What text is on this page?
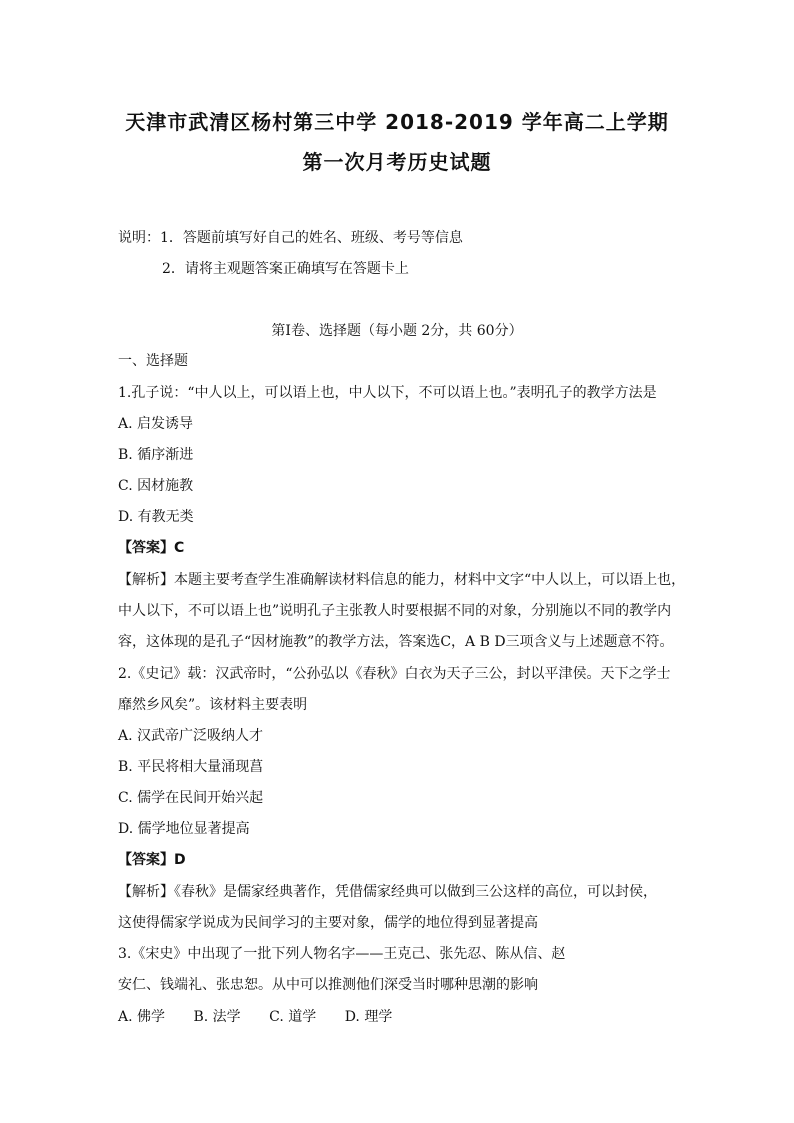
天津市武清区杨村第三中学 2018-2019 学年高二上学期
第一次月考历史试题
说明：1．答题前填写好自己的姓名、班级、考号等信息
2．请将主观题答案正确填写在答题卡上
第Ⅰ卷、选择题（每小题 2分，共 60分）
一、选择题
1.孔子说：“中人以上，可以语上也，中人以下，不可以语上也。”表明孔子的教学方法是
A. 启发诱导
B. 循序渐进
C. 因材施教
D. 有教无类
【答案】C
【解析】本题主要考查学生准确解读材料信息的能力，材料中文字“中人以上，可以语上也，
中人以下，不可以语上也”说明孔子主张教人时要根据不同的对象，分别施以不同的教学内
容，这体现的是孔子“因材施教”的教学方法，答案选C，A B D三项含义与上述题意不符。
2.《史记》载：汉武帝时，“公孙弘以《春秋》白衣为天子三公，封以平津侯。天下之学士
靡然乡风矣”。该材料主要表明
A. 汉武帝广泛吸纳人才
B. 平民将相大量涌现菖
C. 儒学在民间开始兴起
D. 儒学地位显著提高
【答案】D
【解析】《春秋》是儒家经典著作，凭借儒家经典可以做到三公这样的高位，可以封侯，
这使得儒家学说成为民间学习的主要对象，儒学的地位得到显著提高
3.《宋史》中出现了一批下列人物名字——王克己、张先忍、陈从信、赵
安仁、钱端礼、张忠恕。从中可以推测他们深受当时哪种思潮的影响
A. 佛学 B. 法学 C. 道学 D. 理学
